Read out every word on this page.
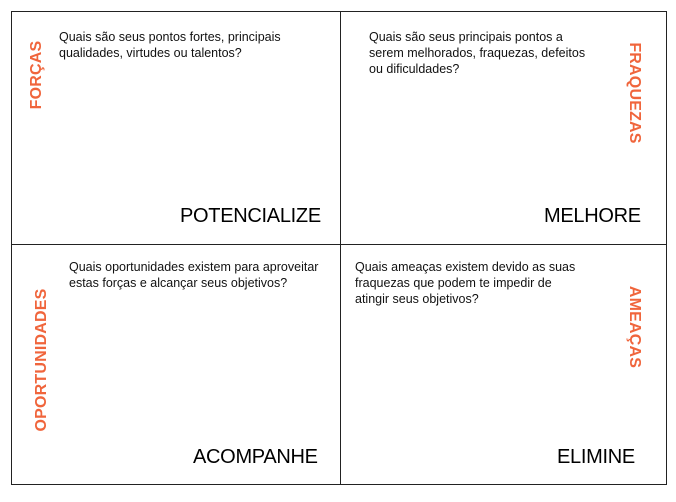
FORÇAS

Quais são seus pontos fortes, principais qualidades, virtudes ou talentos?

POTENCIALIZE
FRAQUEZAS

Quais são seus principais pontos a serem melhorados, fraquezas, defeitos ou dificuldades?

MELHORE
OPORTUNIDADES

Quais oportunidades existem para aproveitar estas forças e alcançar seus objetivos?

ACOMPANHE
AMEAÇAS

Quais ameaças existem devido as suas fraquezas que podem te impedir de atingir seus objetivos?

ELIMINE
